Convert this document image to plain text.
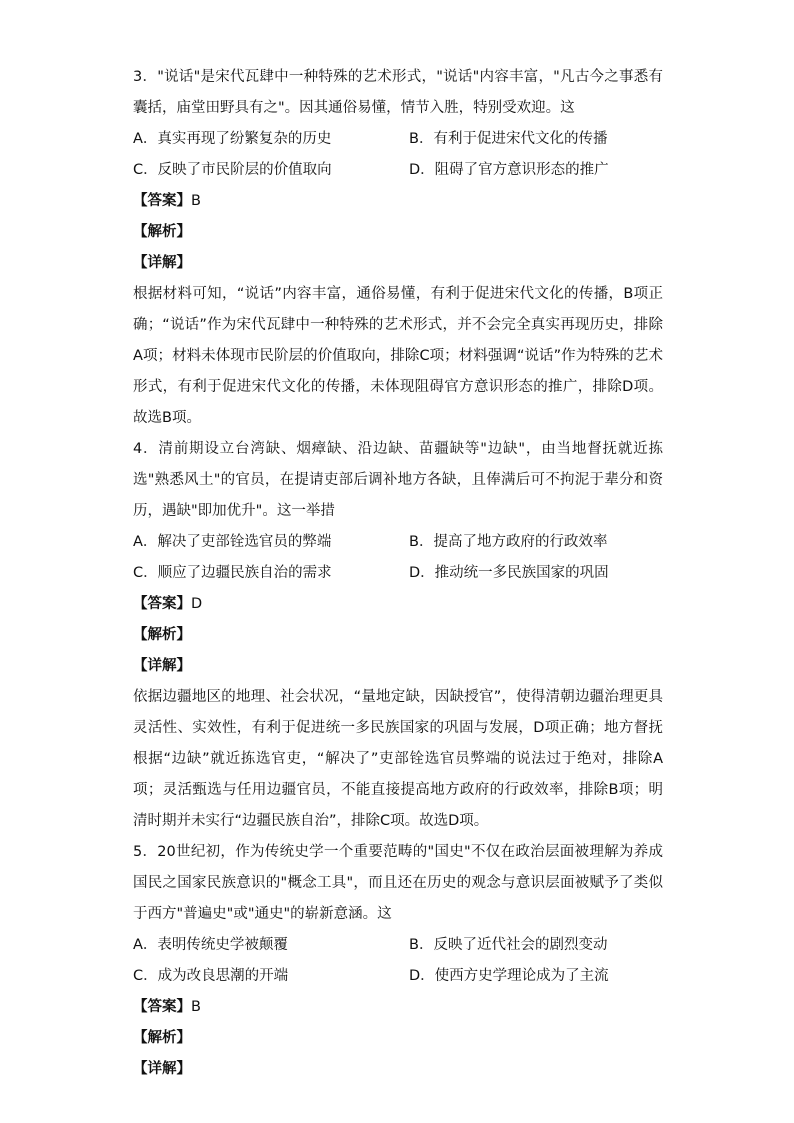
3．"说话"是宋代瓦肆中一种特殊的艺术形式，"说话"内容丰富，"凡古今之事悉有囊括，庙堂田野具有之"。因其通俗易懂，情节入胜，特别受欢迎。这

A．真实再现了纷繁复杂的历史	B．有利于促进宋代文化的传播
C．反映了市民阶层的价值取向	D．阻碍了官方意识形态的推广

【答案】B

【解析】

【详解】

根据材料可知，“说话”内容丰富，通俗易懂，有利于促进宋代文化的传播，B项正确；“说话”作为宋代瓦肆中一种特殊的艺术形式，并不会完全真实再现历史，排除A项；材料未体现市民阶层的价值取向，排除C项；材料强调“说话”作为特殊的艺术形式，有利于促进宋代文化的传播，未体现阻碍官方意识形态的推广，排除D项。故选B项。

4．清前期设立台湾缺、烟瘴缺、沿边缺、苗疆缺等"边缺"，由当地督抚就近拣选"熟悉风土"的官员，在提请吏部后调补地方各缺，且俸满后可不拘泥于辈分和资历，遇缺"即加优升"。这一举措

A．解决了吏部铨选官员的弊端	B．提高了地方政府的行政效率
C．顺应了边疆民族自治的需求	D．推动统一多民族国家的巩固

【答案】D

【解析】

【详解】

依据边疆地区的地理、社会状况，“量地定缺，因缺授官”，使得清朝边疆治理更具灵活性、实效性，有利于促进统一多民族国家的巩固与发展，D项正确；地方督抚根据“边缺”就近拣选官吏，“解决了”吏部铨选官员弊端的说法过于绝对，排除A项；灵活甄选与任用边疆官员，不能直接提高地方政府的行政效率，排除B项；明清时期并未实行“边疆民族自治”，排除C项。故选D项。

5．20世纪初，作为传统史学一个重要范畴的"国史"不仅在政治层面被理解为养成国民之国家民族意识的"概念工具"，而且还在历史的观念与意识层面被赋予了类似于西方"普遍史"或"通史"的崭新意涵。这

A．表明传统史学被颠覆	B．反映了近代社会的剧烈变动
C．成为改良思潮的开端	D．使西方史学理论成为了主流

【答案】B

【解析】

【详解】
